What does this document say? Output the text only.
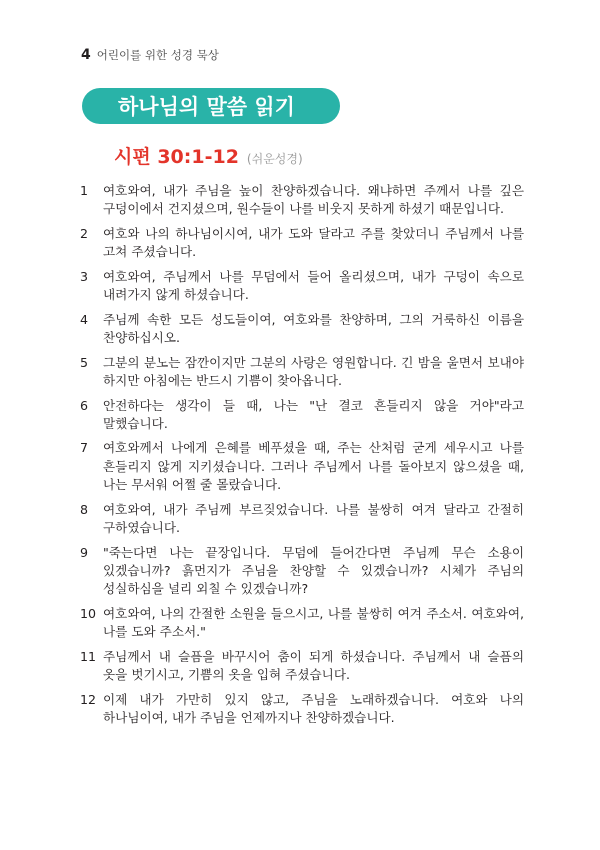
4 어린이를 위한 성경 묵상
하나님의 말씀 읽기
시편 30:1-12 (쉬운성경)
1	여호와여, 내가 주님을 높이 찬양하겠습니다. 왜냐하면 주께서 나를 깊은 구덩이에서 건지셨으며, 원수들이 나를 비웃지 못하게 하셨기 때문입니다.
2	여호와 나의 하나님이시여, 내가 도와 달라고 주를 찾았더니 주님께서 나를 고쳐 주셨습니다.
3	여호와여, 주님께서 나를 무덤에서 들어 올리셨으며, 내가 구덩이 속으로 내려가지 않게 하셨습니다.
4	주님께 속한 모든 성도들이여, 여호와를 찬양하며, 그의 거룩하신 이름을 찬양하십시오.
5	그분의 분노는 잠깐이지만 그분의 사랑은 영원합니다. 긴 밤을 울면서 보내야 하지만 아침에는 반드시 기쁨이 찾아옵니다.
6	안전하다는 생각이 들 때, 나는 "난 결코 흔들리지 않을 거야"라고 말했습니다.
7	여호와께서 나에게 은혜를 베푸셨을 때, 주는 산처럼 굳게 세우시고 나를 흔들리지 않게 지키셨습니다. 그러나 주님께서 나를 돌아보지 않으셨을 때, 나는 무서워 어쩔 줄 몰랐습니다.
8	여호와여, 내가 주님께 부르짖었습니다. 나를 불쌍히 여겨 달라고 간절히 구하였습니다.
9	"죽는다면 나는 끝장입니다. 무덤에 들어간다면 주님께 무슨 소용이 있겠습니까? 흙먼지가 주님을 찬양할 수 있겠습니까? 시체가 주님의 성실하심을 널리 외칠 수 있겠습니까?
10 여호와여, 나의 간절한 소원을 들으시고, 나를 불쌍히 여겨 주소서. 여호와여, 나를 도와 주소서."
11 주님께서 내 슬픔을 바꾸시어 춤이 되게 하셨습니다. 주님께서 내 슬픔의 옷을 벗기시고, 기쁨의 옷을 입혀 주셨습니다.
12 이제 내가 가만히 있지 않고, 주님을 노래하겠습니다. 여호와 나의 하나님이여, 내가 주님을 언제까지나 찬양하겠습니다.
